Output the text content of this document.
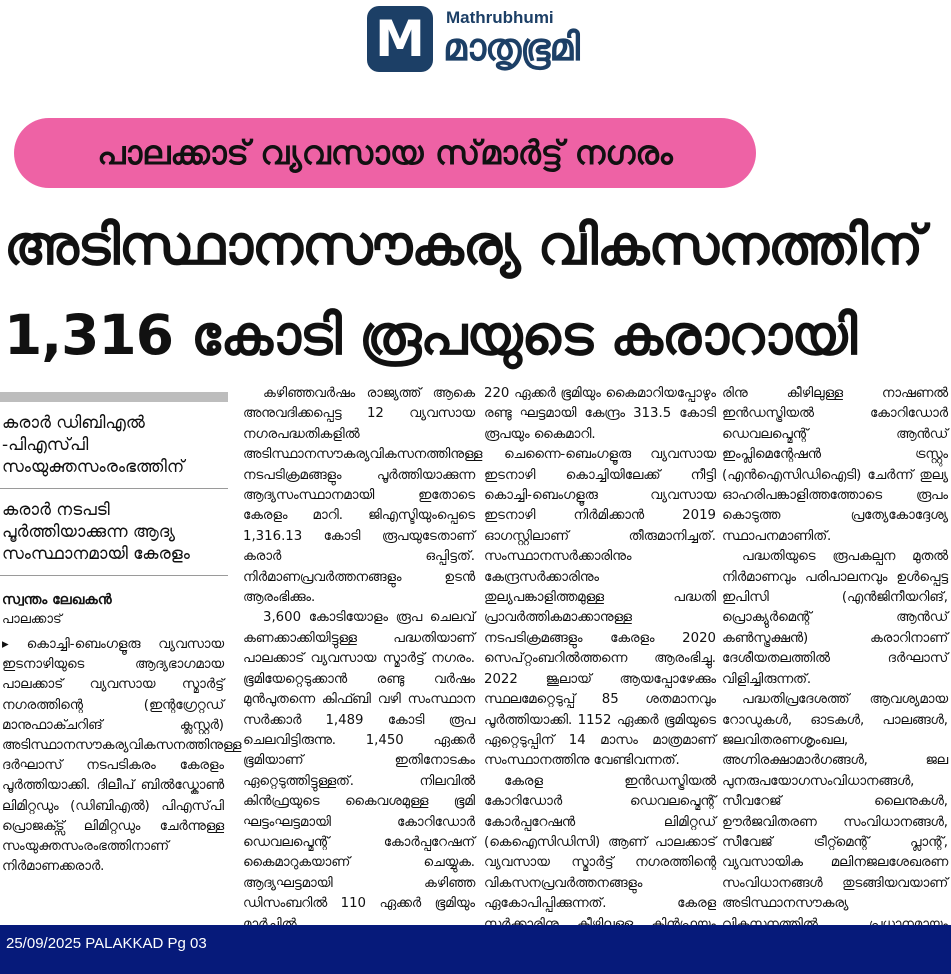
M Mathrubhumi
മാതൃഭൂമി
പാലക്കാട് വ്യവസായ സ്‌മാർട്ട് നഗരം
അടിസ്ഥാനസൗകര്യ വികസനത്തിന്
1,316 കോടി രൂപയുടെ കരാറായി
കരാർ ഡിബിഎൽ -പിഎസ്‌പി സംയുക്തസംരംഭത്തിന്
കരാർ നടപടി പൂർത്തിയാക്കുന്ന ആദ്യ സംസ്ഥാനമായി കേരളം
സ്വന്തം ലേഖകൻ
പാലക്കാട്
▸ കൊച്ചി-ബെംഗളൂരു വ്യവസായ ഇടനാഴിയുടെ ആദ്യഭാഗമായ പാലക്കാട് വ്യവസായ സ്മാർട്ട് നഗരത്തിന്റെ (ഇന്റഗ്രേറ്റഡ് മാനുഫാക്ചറിങ് ക്ലസ്റ്റർ) അടിസ്ഥാനസൗകര്യവികസനത്തിനുള്ള ദർഘാസ് നടപടികരം കേരളം പൂർത്തിയാക്കി. ദിലീപ് ബിൽഡ്കോൺ ലിമിറ്റഡും (ഡിബിഎൽ) പിഎസ്‌പി പ്രൊജക്ട്സ് ലിമിറ്റഡും ചേർന്നുള്ള സംയുക്തസംരംഭത്തിനാണ് നിർമാണക്കരാർ.

കഴിഞ്ഞവർഷം രാജ്യത്ത് ആകെ അനുവദിക്കപ്പെട്ട 12 വ്യവസായ നഗരപദ്ധതികളിൽ അടിസ്ഥാനസൗകര്യവികസനത്തിനുള്ള നടപടിക്രമങ്ങളും പൂർത്തിയാക്കുന്ന ആദ്യസംസ്ഥാനമായി ഇതോടെ കേരളം മാറി. ജിഎസ്ടിയുംപ്പെടെ 1,316.13 കോടി രൂപയുടേതാണ് കരാർ ഒപ്പിട്ടത്. നിർമാണപ്രവർത്തനങ്ങളും ഉടൻ ആരംഭിക്കും.

3,600 കോടിയോളം രൂപ ചെലവ് കണക്കാക്കിയിട്ടുള്ള പദ്ധതിയാണ് പാലക്കാട് വ്യവസായ സ്മാർട്ട് നഗരം. ഭൂമിയേറ്റെടുക്കാൻ രണ്ടു വർഷം മുൻപുതന്നെ കിഫ്ബി വഴി സംസ്ഥാന സർക്കാർ 1,489 കോടി രൂപ ചെലവിട്ടിരുന്നു. 1,450 ഏക്കർ ഭൂമിയാണ് ഇതിനോടകം ഏറ്റെടുത്തിട്ടുള്ളത്. നിലവിൽ കിൻഫ്രയുടെ കൈവശമുള്ള ഭൂമി ഘട്ടംഘട്ടമായി കോറിഡോർ ഡെവലപ്മെന്റ് കോർപ്പറേഷന് കൈമാറുകയാണ് ചെയ്യുക. ആദ്യഘട്ടമായി കഴിഞ്ഞ ഡിസംബറിൽ 110 ഏക്കർ ഭൂമിയും

220 ഏക്കർ ഭൂമിയും കൈമാറിയപ്പോഴും രണ്ടു ഘട്ടമായി കേന്ദ്രം 313.5 കോടി രൂപയും കൈമാറി.

ചെന്നൈ-ബെംഗളൂരു വ്യവസായ ഇടനാഴി കൊച്ചിയിലേക്ക് നീട്ടി കൊച്ചി-ബെംഗളൂരു വ്യവസായ ഇടനാഴി നിർമിക്കാൻ 2019 ഓഗസ്റ്റിലാണ് തീരുമാനിച്ചത്. സംസ്ഥാനസർക്കാരിനും കേന്ദ്രസർക്കാരിനും തുല്യപങ്കാളിത്തമുള്ള പദ്ധതി പ്രാവർത്തികമാക്കാനുള്ള നടപടിക്രമങ്ങളും കേരളം 2020 സെപ്റ്റംബറിൽത്തന്നെ ആരംഭിച്ചു. 2022 ജൂലായ് ആയപ്പോഴേക്കും സ്ഥലമേറ്റെടുപ്പ് 85 ശതമാനവും പൂർത്തിയാക്കി. 1152 ഏക്കർ ഭൂമിയുടെ ഏറ്റെടുപ്പിന് 14 മാസം മാത്രമാണ് സംസ്ഥാനത്തിനു വേണ്ടിവന്നത്.

കേരള ഇൻഡസ്ട്രിയൽ കോറിഡോർ ഡെവലപ്മെന്റ് കോർപ്പറേഷൻ ലിമിറ്റഡ് (കെഐസിഡിസി) ആണ് പാലക്കാട് വ്യവസായ സ്മാർട്ട് നഗരത്തിന്റെ വികസനപ്രവർത്തനങ്ങളും ഏകോപിപ്പിക്കുന്നത്. കേരള

രിനു കീഴിലുള്ള നാഷണൽ ഇൻഡസ്ട്രിയൽ കോറിഡോർ ഡെവലപ്മെന്റ് ആൻഡ് ഇംപ്ലിമെന്റേഷൻ ട്രസ്റ്റും (എൻഐസിഡിഐടി) ചേർന്ന് തുല്യ ഓഹരിപങ്കാളിത്തത്തോടെ രൂപം കൊടുത്ത പ്രത്യേകോദ്ദേശ്യ സ്ഥാപനമാണിത്.

പദ്ധതിയുടെ രൂപകല്പന മുതൽ നിർമാണവും പരിപാലനവും ഉൾപ്പെട്ട ഇപിസി (എൻജിനീയറിങ്, പ്രൊക്യുർമെന്റ് ആൻഡ് കൺസ്ട്രക്ഷൻ) കരാറിനാണ് ദേശീയതലത്തിൽ ദർഘാസ് വിളിച്ചിരുന്നത്.

പദ്ധതിപ്രദേശത്ത് ആവശ്യമായ റോഡുകൾ, ഓടകൾ, പാലങ്ങൾ, ജലവിതരണശൃംഖല, അഗ്നിരക്ഷാമാർഗങ്ങൾ, ജല പുനരുപയോഗസംവിധാനങ്ങൾ, സീവറേജ് ലൈനുകൾ, ഊർജവിതരണ സംവിധാനങ്ങൾ, സീവേജ് ട്രീറ്റ്മെന്റ് പ്ലാന്റ്, വ്യവസായിക മലിനജലശേഖരണ സംവിധാനങ്ങൾ തുടങ്ങിയവയാണ് അടിസ്ഥാനസൗകര്യ

25/09/2025 PALAKKAD Pg 03
